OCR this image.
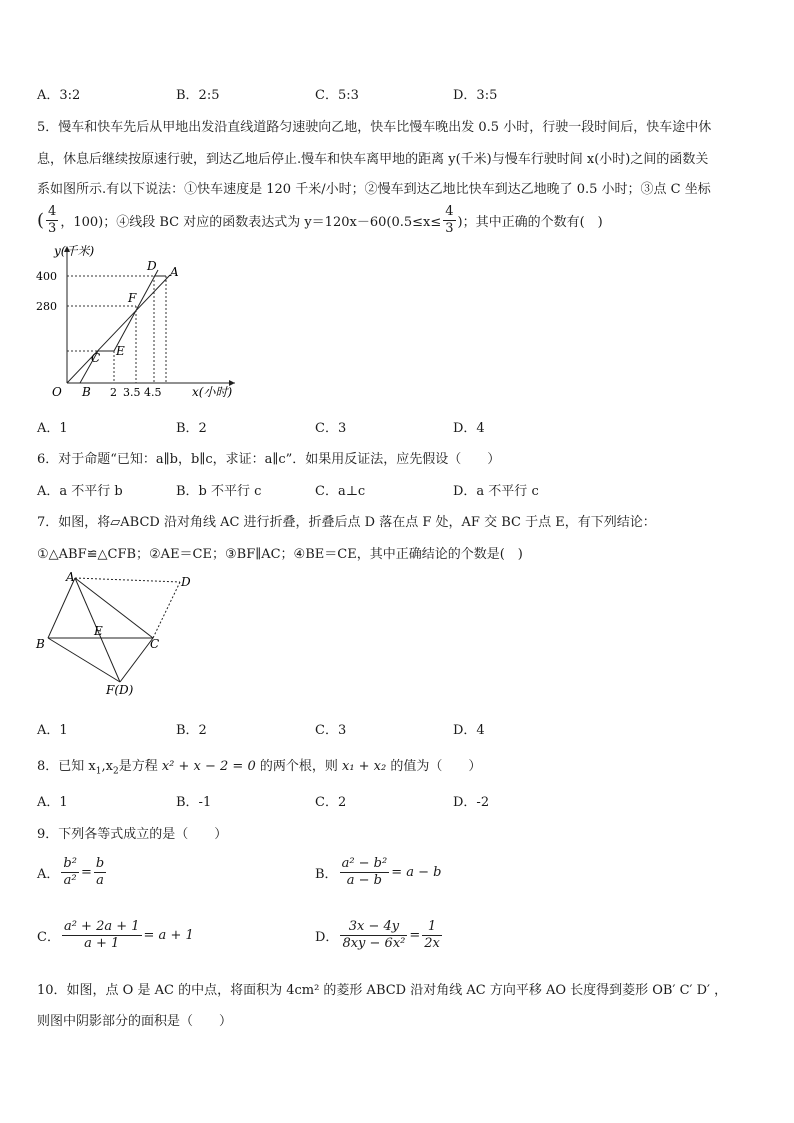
A．3:2	B．2:5	C．5:3	D．3:5
5．慢车和快车先后从甲地出发沿直线道路匀速驶向乙地，快车比慢车晚出发 0.5 小时，行驶一段时间后，快车途中休
息，休息后继续按原速行驶，到达乙地后停止.慢车和快车离甲地的距离 y(千米)与慢车行驶时间 x(小时)之间的函数关
系如图所示.有以下说法：①快车速度是 120 千米/小时；②慢车到达乙地比快车到达乙地晚了 0.5 小时；③点 C 坐标
( $\frac{4}{3}$ ，100)；④线段 BC 对应的函数表达式为 $y=120x-60(0.5\le x\le \frac{4}{3}$ )；其中正确的个数有(　)
400
280
2 3.5 4.5
y(千米)
x(小时)
O B
C E
F
D A
A．1	B．2	C．3	D．4
6．对于命题“已知：a∥b，b∥c，求证：a∥c”．如果用反证法，应先假设（　　）
A．a 不平行 b	B．b 不平行 c	C．a⊥c	D．a 不平行 c
7．如图，将▱ABCD 沿对角线 AC 进行折叠，折叠后点 D 落在点 F 处，AF 交 BC 于点 E，有下列结论：
①△ABF≌△CFB；②AE＝CE；③BF∥AC；④BE＝CE，其中正确结论的个数是(　)
A	D
E
B	C
F(D)
A．1	B．2	C．3	D．4
8．已知 $x_1,x_2$是方程 x² + x − 2 = 0 的两个根，则 x₁ + x₂ 的值为（　　）
A．1	B．-1	C．2	D．-2
9．下列各等式成立的是（　　）
A． $\frac{\text{b²}}{\text{a²}} = \frac{b}{a}$	B． $\frac{\text{a² − b²}}{a - b} = a - b$
C． $\frac{\text{a² + 2a + 1}}{a + 1} = a + 1$	D． $\frac{3x - 4y}{\text{8xy − 6x²}} = \frac{1}{2x}$
10．如图，点 O 是 AC 的中点，将面积为 4cm² 的菱形 ABCD 沿对角线 AC 方向平移 AO 长度得到菱形 OB′ C′ D′ ，
则图中阴影部分的面积是（　　）
